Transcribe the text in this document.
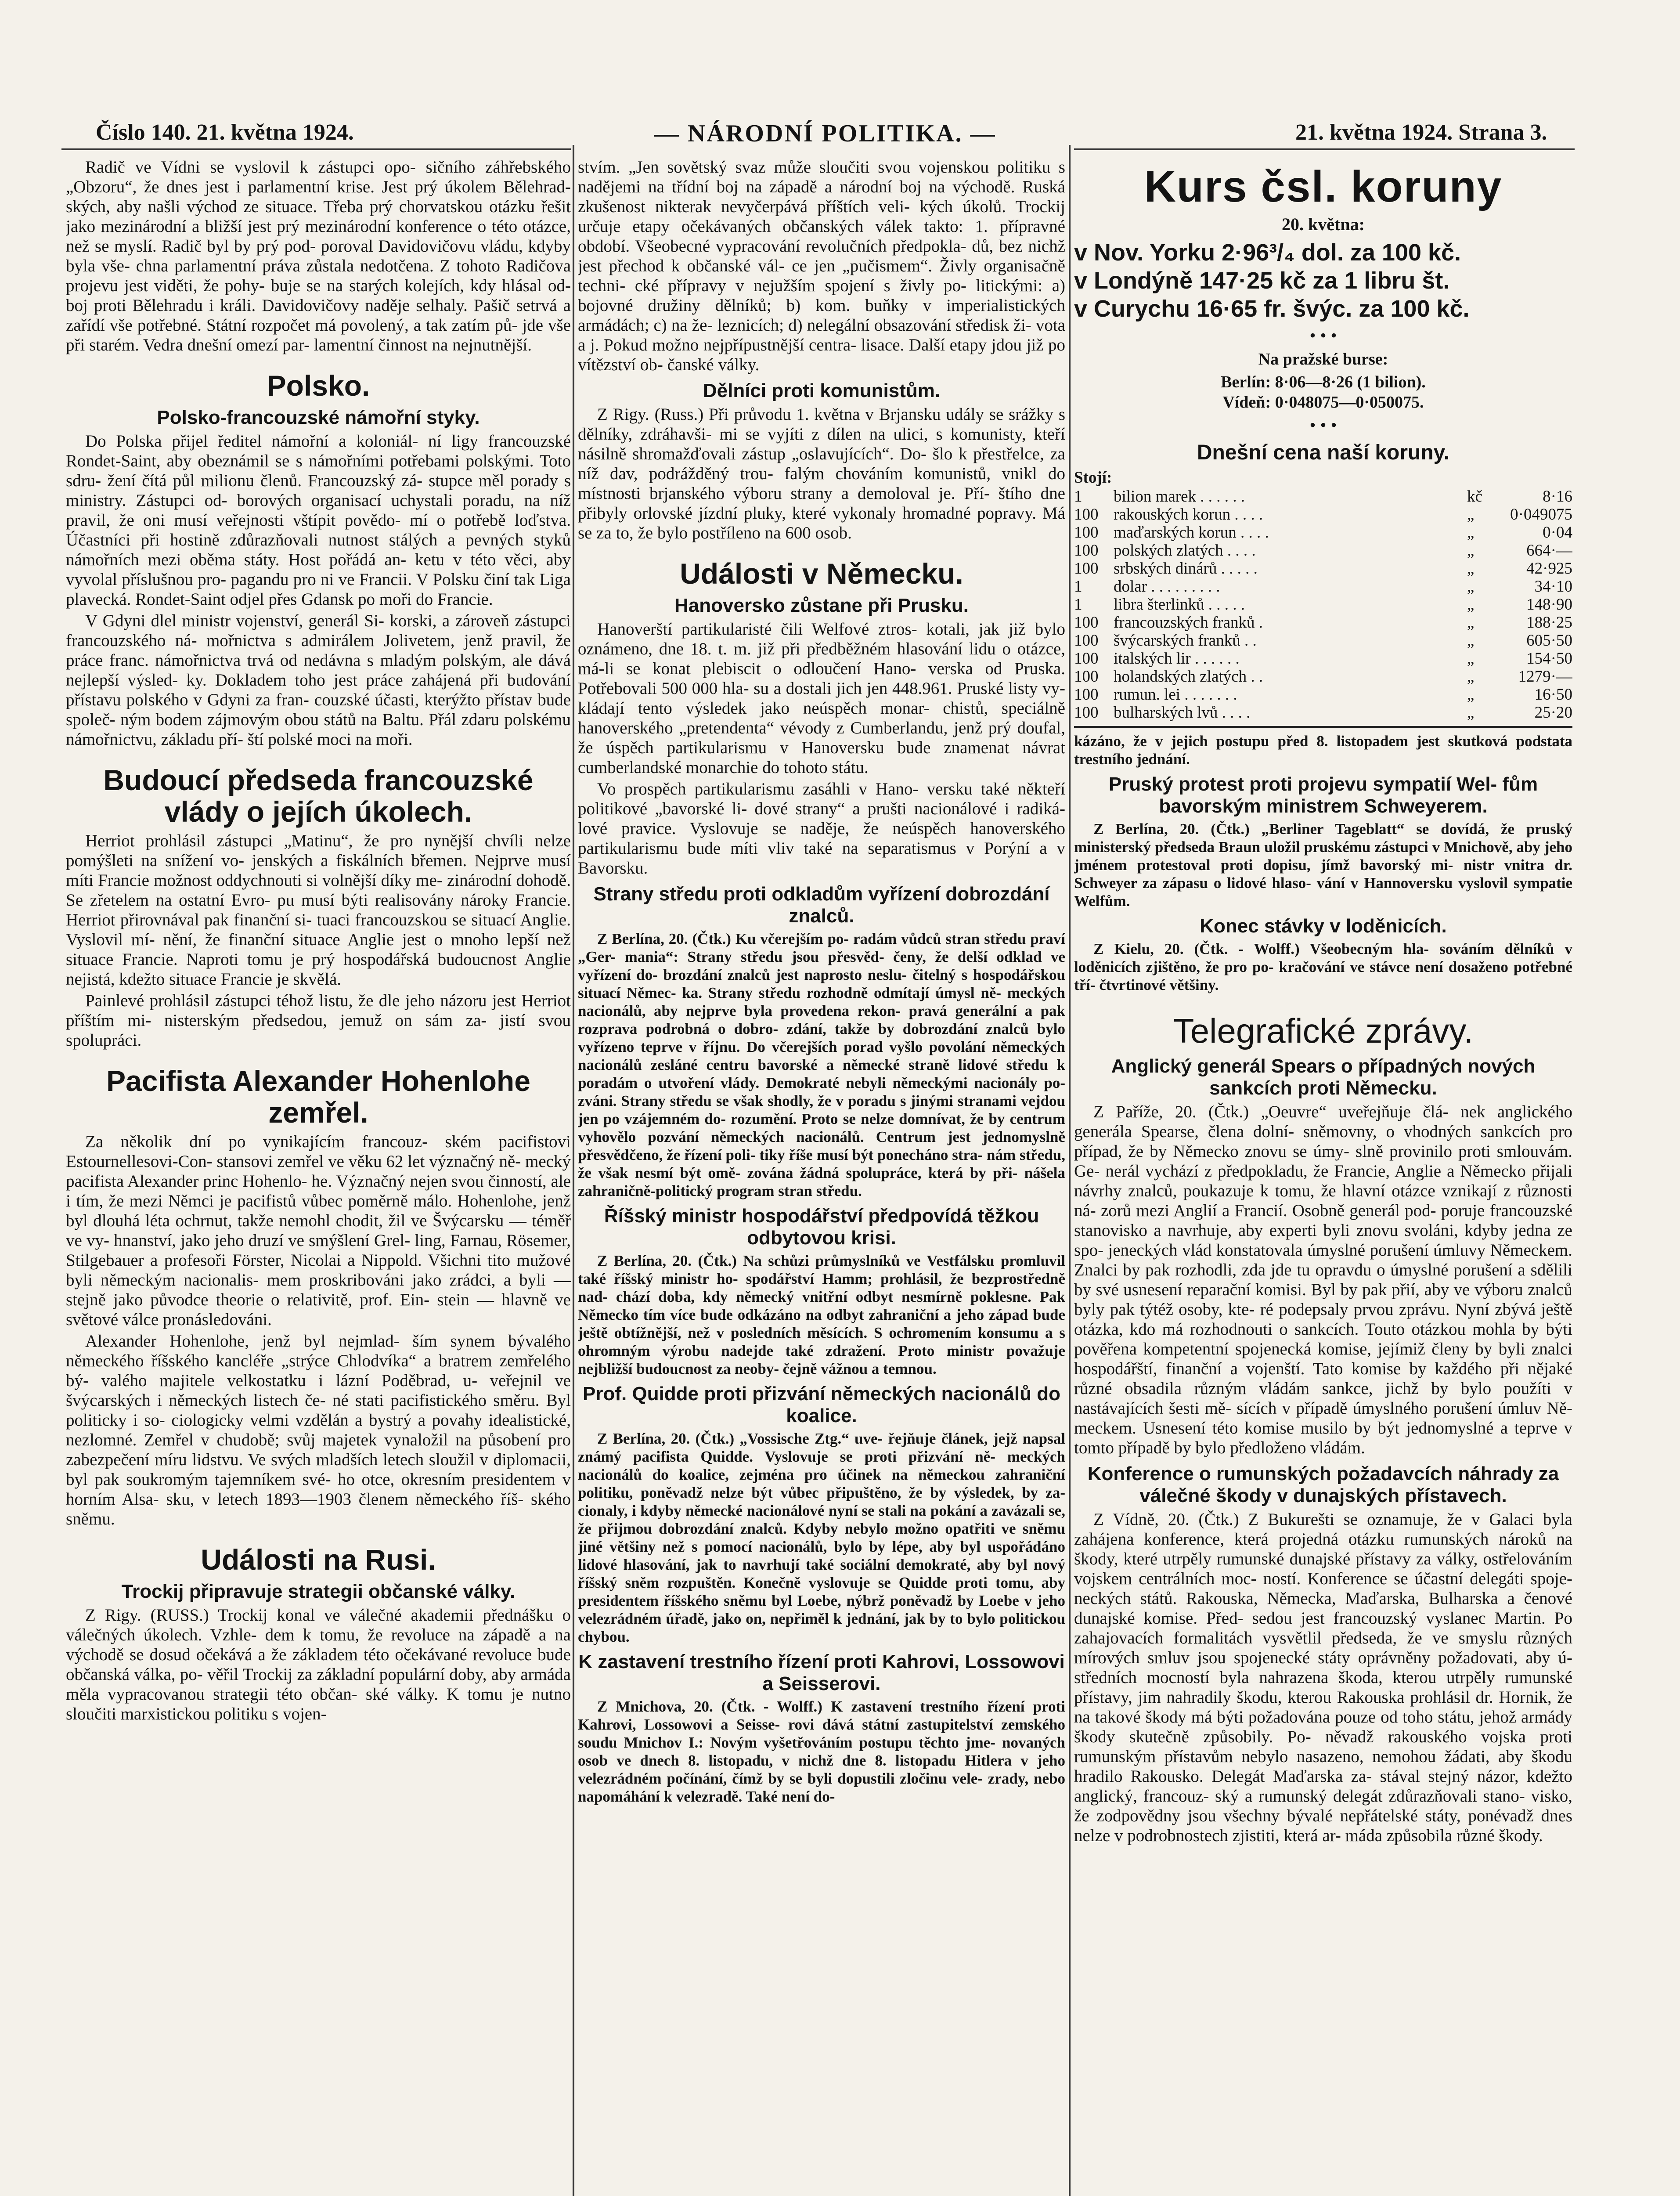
Číslo 140. 21. května 1924.	— NÁRODNÍ POLITIKA. —	21. května 1924. Strana 3.

Radič ve Vídni se vyslovil k zástupci opo- sičního záhřebského „Obzoru“, že dnes jest i parlamentní krise. Jest prý úkolem Bělehrad- ských, aby našli východ ze situace. Třeba prý chorvatskou otázku řešit jako mezinárodní a bližší jest prý mezinárodní konference o této otázce, než se myslí. Radič byl by prý pod- poroval Davidovičovu vládu, kdyby byla vše- chna parlamentní práva zůstala nedotčena. Z tohoto Radičova projevu jest viděti, že pohy- buje se na starých kolejích, kdy hlásal od- boj proti Bělehradu i králi. Davidovičovy naděje selhaly. Pašič setrvá a zařídí vše potřebné. Státní rozpočet má povolený, a tak zatím pů- jde vše při starém. Vedra dnešní omezí par- lamentní činnost na nejnutnější.

Polsko.
Polsko-francouzské námořní styky.

Do Polska přijel ředitel námořní a koloniál- ní ligy francouzské Rondet-Saint, aby obeznámil se s námořními potřebami polskými. Toto sdru- žení čítá půl milionu členů. Francouzský zá- stupce měl porady s ministry. Zástupci od- borových organisací uchystali poradu, na níž pravil, že oni musí veřejnosti vštípit povědo- mí o potřebě loďstva. Účastníci při hostině zdůrazňovali nutnost stálých a pevných styků námořních mezi oběma státy. Host pořádá an- ketu v této věci, aby vyvolal příslušnou pro- pagandu pro ni ve Francii. V Polsku činí tak Liga plavecká. Rondet-Saint odjel přes Gdansk po moři do Francie.

V Gdyni dlel ministr vojenství, generál Si- korski, a zároveň zástupci francouzského ná- mořnictva s admirálem Jolivetem, jenž pravil, že práce franc. námořnictva trvá od nedávna s mladým polským, ale dává nejlepší výsled- ky. Dokladem toho jest práce zahájená při budování přístavu polského v Gdyni za fran- couzské účasti, kterýžto přístav bude společ- ným bodem zájmovým obou států na Baltu. Přál zdaru polskému námořnictvu, základu pří- ští polské moci na moři.

Budoucí předseda francouzské vlády o jejích úkolech.

Herriot prohlásil zástupci „Matinu“, že pro nynější chvíli nelze pomýšleti na snížení vo- jenských a fiskálních břemen. Nejprve musí míti Francie možnost oddychnouti si volnější díky me- zinárodní dohodě. Se zřetelem na ostatní Evro- pu musí býti realisovány nároky Francie. Herriot přirovnával pak finanční si- tuaci francouzskou se situací Anglie. Vyslovil mí- nění, že finanční situace Anglie jest o mnoho lepší než situace Francie. Naproti tomu je prý hospodářská budoucnost Anglie nejistá, kdežto situace Francie je skvělá.

Painlevé prohlásil zástupci téhož listu, že dle jeho názoru jest Herriot příštím mi- nisterským předsedou, jemuž on sám za- jistí svou spolupráci.

Pacifista Alexander Hohenlohe zemřel.

Za několik dní po vynikajícím francouz- ském pacifistovi Estournellesovi-Con- stansovi zemřel ve věku 62 let význačný ně- mecký pacifista Alexander princ Hohenlo- he. Význačný nejen svou činností, ale i tím, že mezi Němci je pacifistů vůbec poměrně málo. Hohenlohe, jenž byl dlouhá léta ochrnut, takže nemohl chodit, žil ve Švýcarsku — téměř ve vy- hnanství, jako jeho druzí ve smýšlení Grel- ling, Farnau, Rösemer, Stilgebauer a profesoři Förster, Nicolai a Nippold. Všichni tito mužové byli německým nacionalis- mem proskribováni jako zrádci, a byli — stejně jako původce theorie o relativitě, prof. Ein- stein — hlavně ve světové válce pronásledováni.

Alexander Hohenlohe, jenž byl nejmlad- ším synem bývalého německého říšského kancléře „strýce Chlodvíka“ a bratrem zemřelého bý- valého majitele velkostatku i lázní Poděbrad, u- veřejnil ve švýcarských i německých listech če- né stati pacifistického směru. Byl politicky i so- ciologicky velmi vzdělán a bystrý a povahy idealistické, nezlomné. Zemřel v chudobě; svůj majetek vynaložil na působení pro zabezpečení míru lidstvu. Ve svých mladších letech sloužil v diplomacii, byl pak soukromým tajemníkem své- ho otce, okresním presidentem v horním Alsa- sku, v letech 1893—1903 členem německého říš- ského sněmu.

Události na Rusi.
Trockij připravuje strategii občanské války.

Z Rigy. (RUSS.) Trockij konal ve válečné akademii přednášku o válečných úkolech. Vzhle- dem k tomu, že revoluce na západě a na východě se dosud očekává a že základem této očekávané revoluce bude občanská válka, po- věřil Trockij za základní populární doby, aby armáda měla vypracovanou strategii této občan- ské války. K tomu je nutno sloučiti marxistickou politiku s vojen-

stvím. „Jen sovětský svaz může sloučiti svou vojenskou politiku s nadějemi na třídní boj na západě a národní boj na východě. Ruská zkušenost nikterak nevyčerpává příštích veli- kých úkolů. Trockij určuje etapy očekávaných občanských válek takto: 1. přípravné období. Všeobecné vypracování revolučních předpokla- dů, bez nichž jest přechod k občanské vál- ce jen „pučismem“. Živly organisačně techni- cké přípravy v nejužším spojení s živly po- litickými: a) bojovné družiny dělníků; b) kom. buňky v imperialistických armádách; c) na že- leznicích; d) nelegální obsazování středisk ži- vota a j. Pokud možno nejpřípustnější centra- lisace. Další etapy jdou již po vítězství ob- čanské války.

Dělníci proti komunistům.

Z Rigy. (Russ.) Při průvodu 1. května v Brjansku udály se srážky s dělníky, zdráhavši- mi se vyjíti z dílen na ulici, s komunisty, kteří násilně shromažďovali zástup „oslavujících“. Do- šlo k přestřelce, za níž dav, podrážděný trou- falým chováním komunistů, vnikl do místnosti brjanského výboru strany a demoloval je. Pří- štího dne přibyly orlovské jízdní pluky, které vykonaly hromadné popravy. Má se za to, že bylo postříleno na 600 osob.

Události v Německu.
Hanoversko zůstane při Prusku.

Hanoverští partikularisté čili Welfové ztros- kotali, jak již bylo oznámeno, dne 18. t. m. již při předběžném hlasování lidu o otázce, má-li se konat plebiscit o odloučení Hano- verska od Pruska. Potřebovali 500 000 hla- su a dostali jich jen 448.961. Pruské listy vy- kládají tento výsledek jako neúspěch monar- chistů, speciálně hanoverského „pretendenta“ vévody z Cumberlandu, jenž prý doufal, že úspěch partikularismu v Hanoversku bude znamenat návrat cumberlandské monarchie do tohoto státu.

Vo prospěch partikularismu zasáhli v Hano- versku také někteří politikové „bavorské li- dové strany“ a prušti nacionálové i radiká- lové pravice. Vyslovuje se naděje, že neúspěch hanoverského partikularismu bude míti vliv také na separatismus v Porýní a v Bavorsku.

Strany středu proti odkladům vyřízení dobrozdání znalců.

Z Berlína, 20. (Čtk.) Ku včerejším po- radám vůdců stran středu praví „Ger- mania“: Strany středu jsou přesvěd- čeny, že delší odklad ve vyřízení do- brozdání znalců jest naprosto neslu- čitelný s hospodářskou situací Němec- ka. Strany středu rozhodně odmítají úmysl ně- meckých nacionálů, aby nejprve byla provedena rekon- pravá generální a pak rozprava podrobná o dobro- zdání, takže by dobrozdání znalců bylo vyřízeno teprve v říjnu. Do včerejších porad vyšlo povolání německých nacionálů zesláné centru bavorské a německé straně lidové středu k poradám o utvoření vlády. Demokraté nebyli německými nacionály po- zváni. Strany středu se však shodly, že v poradu s jinými stranami vejdou jen po vzájemném do- rozumění. Proto se nelze domnívat, že by centrum vyhovělo pozvání německých nacionálů. Centrum jest jednomyslně přesvědčeno, že řízení poli- tiky říše musí být ponecháno stra- nám středu, že však nesmí být omě- zována žádná spolupráce, která by při- nášela zahraničně-politický program stran středu.

Říšský ministr hospodářství předpovídá těžkou odbytovou krisi.

Z Berlína, 20. (Čtk.) Na schůzi průmyslníků ve Vestfálsku promluvil také říšský ministr ho- spodářství Hamm; prohlásil, že bezprostředně nad- chází doba, kdy německý vnitřní odbyt nesmírně poklesne. Pak Německo tím více bude odkázáno na odbyt zahraniční a jeho západ bude ještě obtížnější, než v posledních měsících. S ochromením konsumu a s ohromným výrobu nadejde také zdražení. Proto ministr považuje nejbližší budoucnost za neoby- čejně vážnou a temnou.

Prof. Quidde proti přizvání německých nacionálů do koalice.

Z Berlína, 20. (Čtk.) „Vossische Ztg.“ uve- řejňuje článek, jejž napsal známý pacifista Quidde. Vyslovuje se proti přizvání ně- meckých nacionálů do koalice, zejména pro účinek na německou zahraniční politiku, poněvadž nelze být vůbec připuštěno, že by výsledek, by za- cionaly, i kdyby německé nacionálové nyní se stali na pokání a zavázali se, že přijmou dobrozdání znalců. Kdyby nebylo možno opatřiti ve sněmu jiné většiny než s pomocí nacionálů, bylo by lépe, aby byl uspořádáno lidové hlasování, jak to navrhují také sociální demokraté, aby byl nový říšský sněm rozpuštěn. Konečně vyslovuje se Quidde proti tomu, aby presidentem říšského sněmu byl Loebe, nýbrž poněvadž by Loebe v jeho velezrádném úřadě, jako on, nepřiměl k jednání, jak by to bylo politickou chybou.

K zastavení trestního řízení proti Kahrovi, Lossowovi a Seisserovi.

Z Mnichova, 20. (Čtk. - Wolff.) K zastavení trestního řízení proti Kahrovi, Lossowovi a Seisse- rovi dává státní zastupitelství zemského soudu Mnichov I.: Novým vyšetřováním postupu těchto jme- novaných osob ve dnech 8. listopadu, v nichž dne 8. listopadu Hitlera v jeho velezrádném počínání, čímž by se byli dopustili zločinu vele- zrady, nebo napomáhání k velezradě. Také není do-

Kurs čsl. koruny
20. května:
v Nov. Yorku 2·96³/₄ dol. za 100 kč.
v Londýně 147·25 kč za 1 libru št.
v Curychu 16·65 fr. švýc. za 100 kč.
• • •
Na pražské burse:
Berlín: 8·06—8·26 (1 bilion).
Vídeň: 0·048075—0·050075.
• • •
Dnešní cena naší koruny.
Stojí:
1	bilion marek . . . . . .	kč	8·16
100	rakouských korun . . . .	„	0·049075
100	maďarských korun . . . .	„	0·04
100	polských zlatých . . . .	„	664·—
100	srbských dinárů . . . . .	„	42·925
1	dolar . . . . . . . . .	„	34·10
1	libra šterlinků . . . . .	„	148·90
100	francouzských franků .	„	188·25
100	švýcarských franků . .	„	605·50
100	italských lir . . . . . .	„	154·50
100	holandských zlatých . .	„	1279·—
100	rumun. lei . . . . . . .	„	16·50
100	bulharských lvů . . . .	„	25·20

kázáno, že v jejich postupu před 8. listopadem jest skutková podstata trestního jednání.

Pruský protest proti projevu sympatií Wel- fům bavorským ministrem Schweyerem.

Z Berlína, 20. (Čtk.) „Berliner Tageblatt“ se dovídá, že pruský ministerský předseda Braun uložil pruskému zástupci v Mnichově, aby jeho jménem protestoval proti dopisu, jímž bavorský mi- nistr vnitra dr. Schweyer za zápasu o lidové hlaso- vání v Hannoversku vyslovil sympatie Welfům.

Konec stávky v loděnicích.

Z Kielu, 20. (Čtk. - Wolff.) Všeobecným hla- sováním dělníků v loděnicích zjištěno, že pro po- kračování ve stávce není dosaženo potřebné tří- čtvrtinové většiny.

Telegrafické zprávy.
Anglický generál Spears o případných nových sankcích proti Německu.

Z Paříže, 20. (Čtk.) „Oeuvre“ uveřejňuje člá- nek anglického generála Spearse, člena dolní- sněmovny, o vhodných sankcích pro případ, že by Německo znovu se úmy- slně provinilo proti smlouvám. Ge- nerál vychází z předpokladu, že Francie, Anglie a Německo přijali návrhy znalců, poukazuje k tomu, že hlavní otázce vznikají z různosti ná- zorů mezi Anglií a Francií. Osobně generál pod- poruje francouzské stanovisko a navrhuje, aby experti byli znovu svoláni, kdyby jedna ze spo- jeneckých vlád konstatovala úmyslné porušení úmluvy Německem. Znalci by pak rozhodli, zda jde tu opravdu o úmyslné porušení a sdělili by své usnesení reparační komisi. Byl by pak přií, aby ve výboru znalců byly pak týtéž osoby, kte- ré podepsaly prvou zprávu. Nyní zbývá ještě otázka, kdo má rozhodnouti o sankcích. Touto otázkou mohla by býti pověřena kompetentní spojenecká komise, jejímiž členy by byli znalci hospodářští, finanční a vojenští. Tato komise by každého při nějaké různé obsadila různým vládám sankce, jichž by bylo použíti v nastávajících šesti mě- sících v případě úmyslného porušení úmluv Ně- meckem. Usnesení této komise musilo by být jednomyslné a teprve v tomto případě by bylo předloženo vládám.

Konference o rumunských požadavcích náhrady za válečné škody v dunajských přístavech.

Z Vídně, 20. (Čtk.) Z Bukurešti se oznamuje, že v Galaci byla zahájena konference, která projedná otázku rumunských nároků na škody, které utrpěly rumunské dunajské přístavy za války, ostřelováním vojskem centrálních moc- ností. Konference se účastní delegáti spoje- neckých států. Rakouska, Německa, Maďarska, Bulharska a čenové dunajské komise. Před- sedou jest francouzský vyslanec Martin. Po zahajovacích formalitách vysvětlil předseda, že ve smyslu různých mírových smluv jsou spojenecké státy oprávněny požadovati, aby ú- středních mocností byla nahrazena škoda, kterou utrpěly rumunské přístavy, jim nahradily škodu, kterou Rakouska prohlásil dr. Hornik, že na takové škody má býti požadována pouze od toho státu, jehož armády škody skutečně způsobily. Po- něvadž rakouského vojska proti rumunským přístavům nebylo nasazeno, nemohou žádati, aby škodu hradilo Rakousko. Delegát Maďarska za- stával stejný názor, kdežto anglický, francouz- ský a rumunský delegát zdůrazňovali stano- visko, že zodpovědny jsou všechny bývalé nepřátelské státy, ponévadž dnes nelze v podrobnostech zjistiti, která ar- máda způsobila různé škody.
